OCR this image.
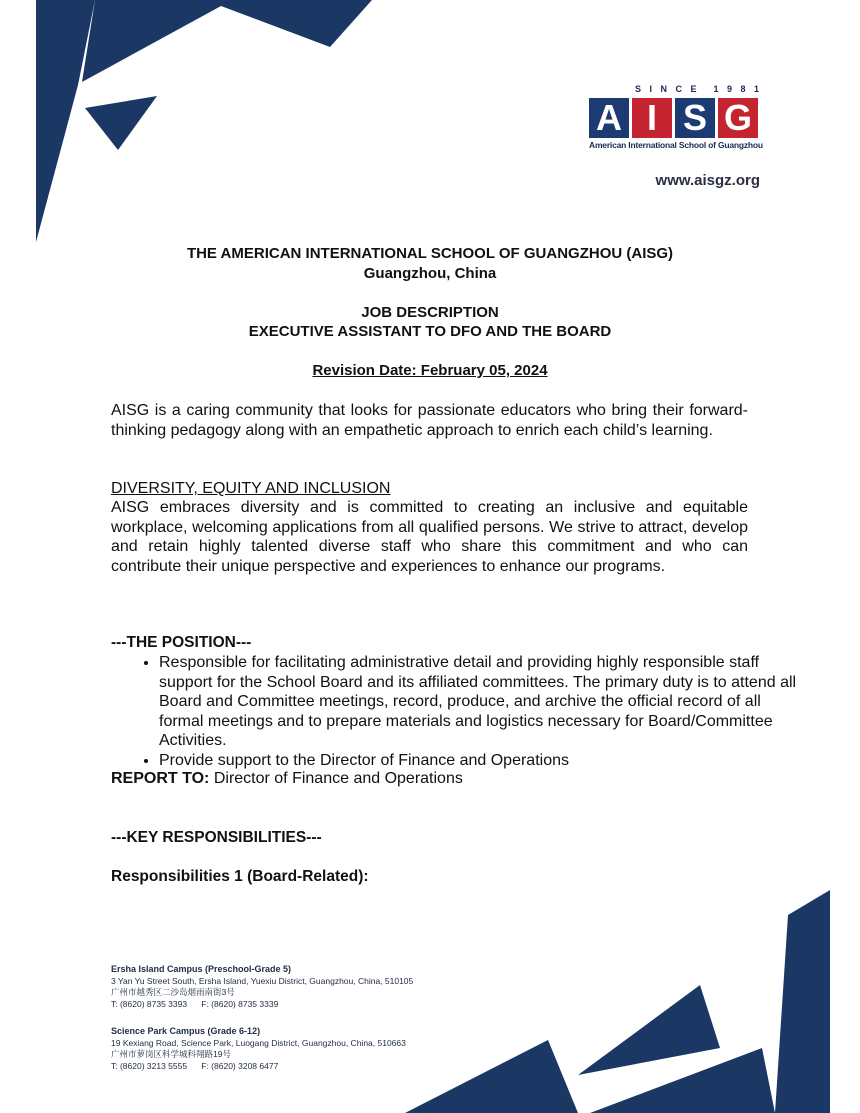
S I N C E 1 9 8 1
A I S G
American International School of Guangzhou
www.aisgz.org
THE AMERICAN INTERNATIONAL SCHOOL OF GUANGZHOU (AISG)
Guangzhou, China
JOB DESCRIPTION
EXECUTIVE ASSISTANT TO DFO AND THE BOARD
Revision Date: February 05, 2024
AISG is a caring community that looks for passionate educators who bring their forward-thinking pedagogy along with an empathetic approach to enrich each child’s learning.
DIVERSITY, EQUITY AND INCLUSION
AISG embraces diversity and is committed to creating an inclusive and equitable workplace, welcoming applications from all qualified persons. We strive to attract, develop and retain highly talented diverse staff who share this commitment and who can contribute their unique perspective and experiences to enhance our programs.
---THE POSITION---
• Responsible for facilitating administrative detail and providing highly responsible staff support for the School Board and its affiliated committees. The primary duty is to attend all Board and Committee meetings, record, produce, and archive the official record of all formal meetings and to prepare materials and logistics necessary for Board/Committee Activities.
• Provide support to the Director of Finance and Operations
REPORT TO: Director of Finance and Operations
---KEY RESPONSIBILITIES---
Responsibilities 1 (Board-Related):
Ersha Island Campus (Preschool-Grade 5)
3 Yan Yu Street South, Ersha Island, Yuexiu District, Guangzhou, China, 510105
广州市越秀区二沙岛烟雨南街3号
T: (8620) 8735 3393 F: (8620) 8735 3339
Science Park Campus (Grade 6-12)
19 Kexiang Road, Science Park, Luogang District, Guangzhou, China, 510663
广州市萝岗区科学城科翔路19号
T: (8620) 3213 5555 F: (8620) 3208 6477
